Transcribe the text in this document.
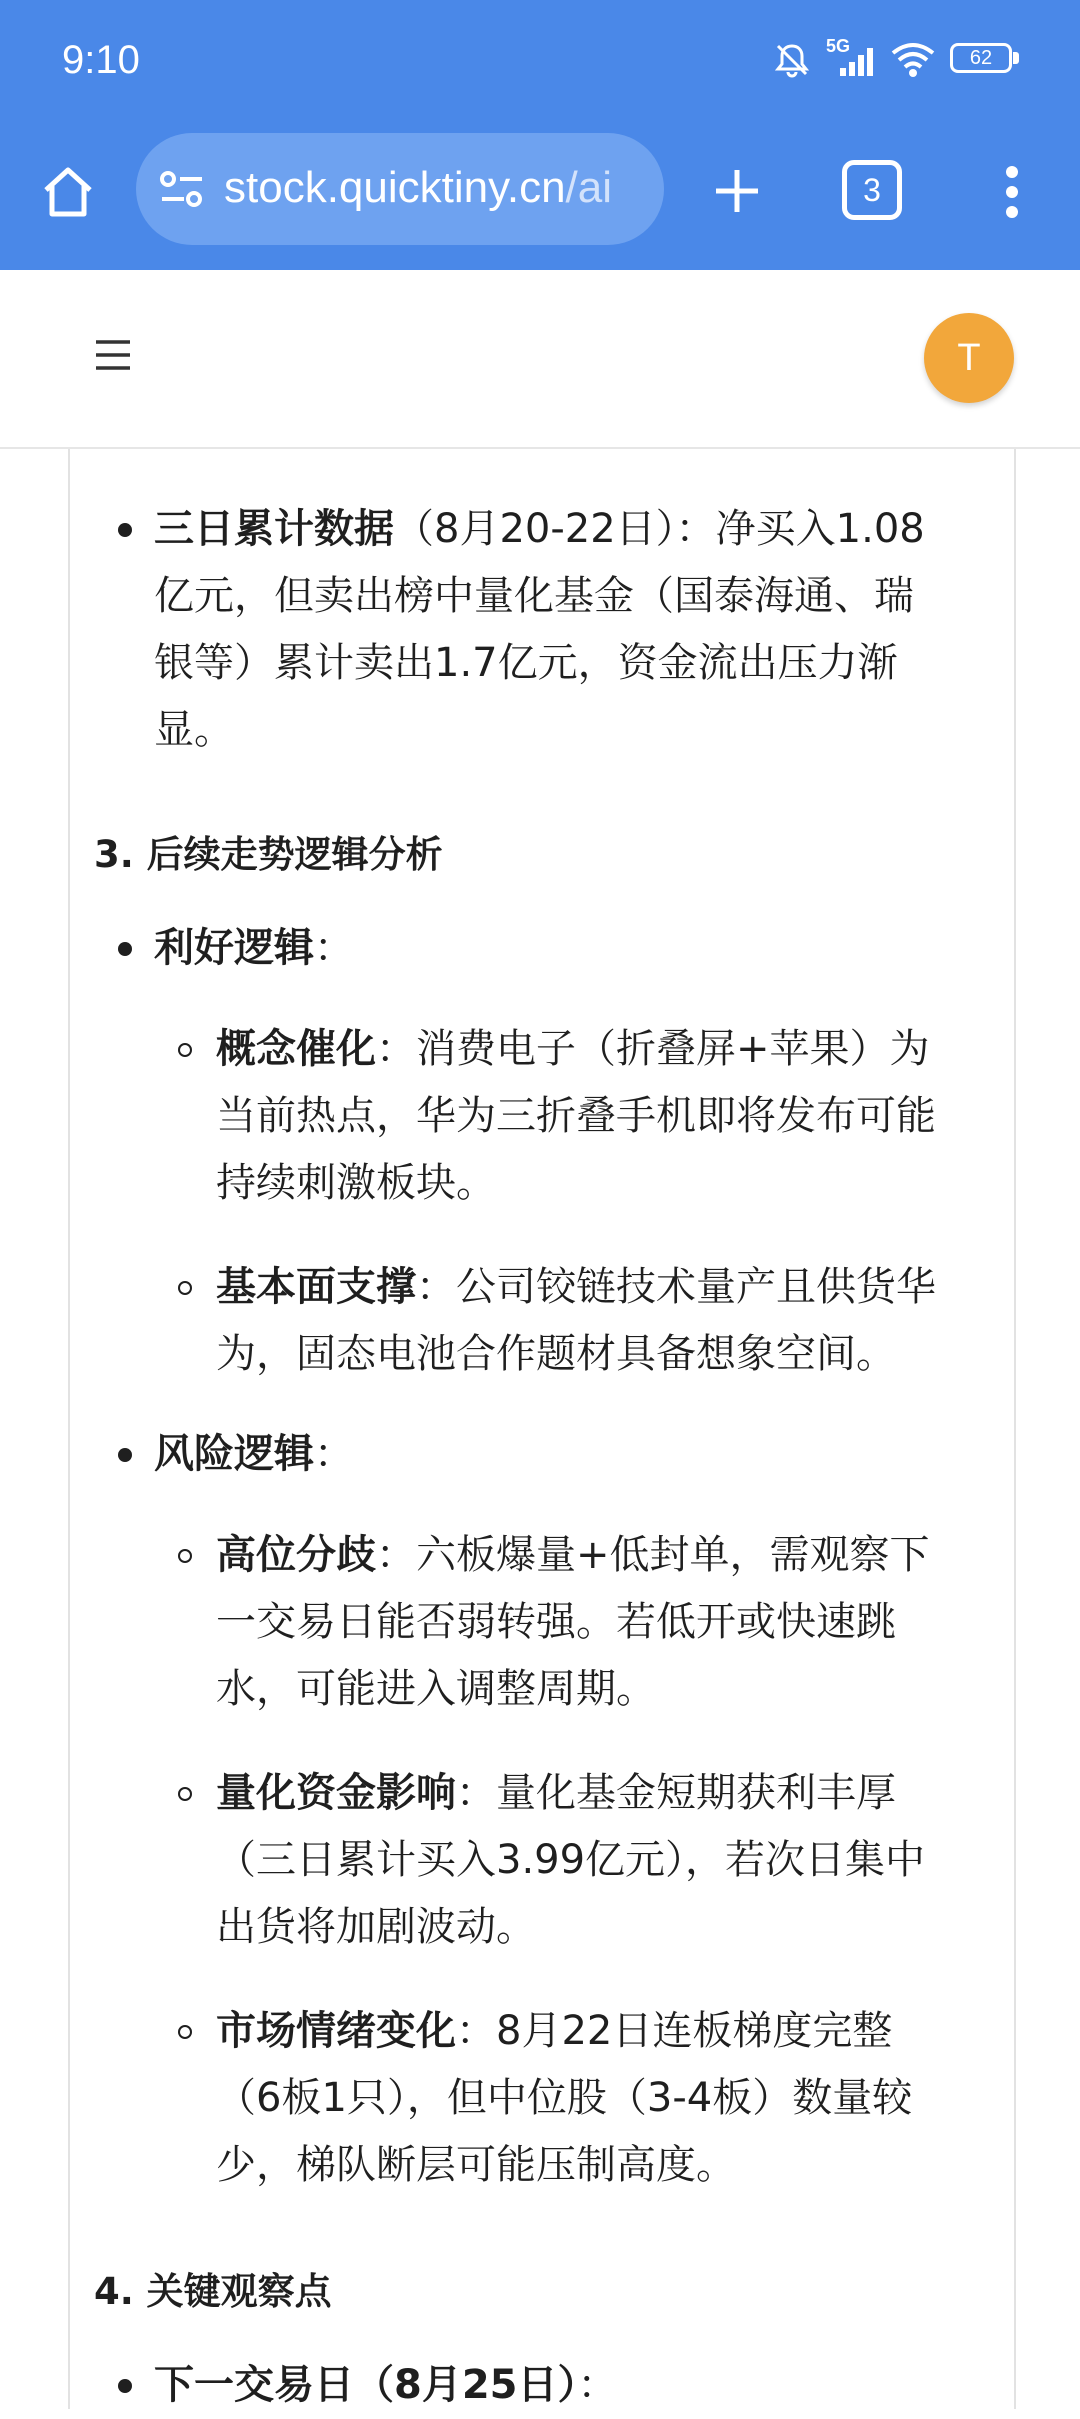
9:10	5G
62
stock.quicktiny.cn/ai	3
T
三日累计数据（8月20-22日）：净买入1.08
亿元，但卖出榜中量化基金（国泰海通、瑞
银等）累计卖出1.7亿元，资金流出压力渐
显。
3. 后续走势逻辑分析
利好逻辑：
概念催化：消费电子（折叠屏+苹果）为
当前热点，华为三折叠手机即将发布可能
持续刺激板块。
基本面支撑：公司铰链技术量产且供货华
为，固态电池合作题材具备想象空间。
风险逻辑：
高位分歧：六板爆量+低封单，需观察下
一交易日能否弱转强。若低开或快速跳
水，可能进入调整周期。
量化资金影响：量化基金短期获利丰厚
（三日累计买入3.99亿元），若次日集中
出货将加剧波动。
市场情绪变化：8月22日连板梯度完整
（6板1只），但中位股（3-4板）数量较
少，梯队断层可能压制高度。
4. 关键观察点
下一交易日（8月25日）：
